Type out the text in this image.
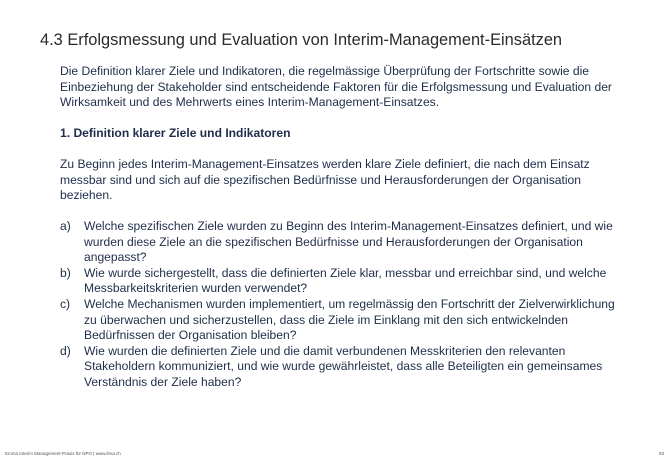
4.3 Erfolgsmessung und Evaluation von Interim-Management-Einsätzen
Die Definition klarer Ziele und Indikatoren, die regelmässige Überprüfung der Fortschritte sowie die Einbeziehung der Stakeholder sind entscheidende Faktoren für die Erfolgsmessung und Evaluation der Wirksamkeit und des Mehrwerts eines Interim-Management-Einsatzes.
1. Definition klarer Ziele und Indikatoren
Zu Beginn jedes Interim-Management-Einsatzes werden klare Ziele definiert, die nach dem Einsatz messbar sind und sich auf die spezifischen Bedürfnisse und Herausforderungen der Organisation beziehen.
a)	Welche spezifischen Ziele wurden zu Beginn des Interim-Management-Einsatzes definiert, und wie wurden diese Ziele an die spezifischen Bedürfnisse und Herausforderungen der Organisation angepasst?
b)	Wie wurde sichergestellt, dass die definierten Ziele klar, messbar und erreichbar sind, und welche Messbarkeitskriterien wurden verwendet?
c)	Welche Mechanismen wurden implementiert, um regelmässig den Fortschritt der Zielverwirklichung zu überwachen und sicherzustellen, dass die Ziele im Einklang mit den sich entwickelnden Bedürfnissen der Organisation bleiben?
d)	Wie wurden die definierten Ziele und die damit verbundenen Messkriterien den relevanten Stakeholdern kommuniziert, und wie wurde gewährleistet, dass alle Beteiligten ein gemeinsames Verständnis der Ziele haben?
Emma Interim Management-Praxis für NPO | www.ilma.ch	83
